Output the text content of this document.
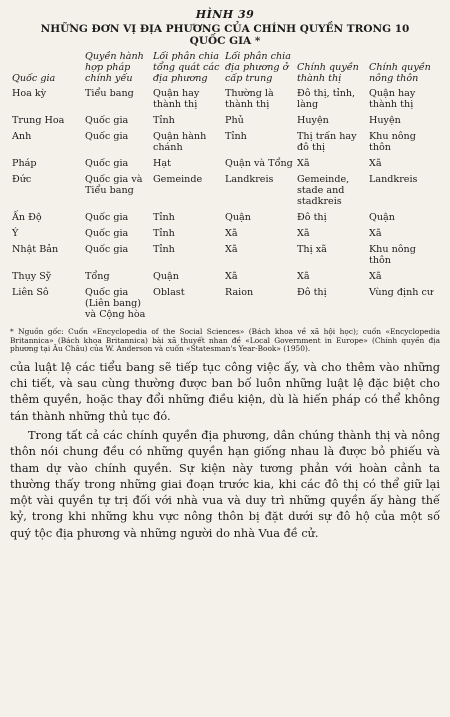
HÌNH 39
NHỮNG ĐƠN VỊ ĐỊA PHƯƠNG CỦA CHÍNH QUYỀN TRONG 10 QUỐC GIA *
Quốc gia	Quyền hành hợp pháp chính yếu	Lối phân chia tổng quát các địa phương	Lối phân chia địa phương ở cấp trung	Chính quyền thành thị	Chính quyền nông thôn
Hoa kỳ	Tiểu bang	Quận hay thành thị	Thường là thành thị	Đô thị, tỉnh, làng	Quận hay thành thị
Trung Hoa	Quốc gia	Tỉnh	Phủ	Huyện	Huyện
Anh	Quốc gia	Quận hành chánh	Tỉnh	Thị trấn hay đô thị	Khu nông thôn
Pháp	Quốc gia	Hạt	Quận và Tổng	Xã	Xã
Đức	Quốc gia và Tiểu bang	Gemeinde	Landkreis	Gemeinde, stade and stadkreis	Landkreis
Ấn Độ	Quốc gia	Tỉnh	Quận	Đô thị	Quận
Ý	Quốc gia	Tỉnh	Xã	Xã	Xã
Nhật Bản	Quốc gia	Tỉnh	Xã	Thị xã	Khu nông thôn
Thụy Sỹ	Tổng	Quận	Xã	Xã	Xã
Liên Sô	Quốc gia (Liên bang) và Cộng hòa	Oblast	Raion	Đô thị	Vùng định cư
* Nguồn gốc: Cuốn «Encyclopedia of the Social Sciences» (Bách khoa về xã hội học); cuốn «Encyclopedia Britannica» (Bách khoa Britannica) bài xã thuyết nhan đề «Local Government in Europe» (Chính quyền địa phương tại Âu Châu) của W. Anderson và cuốn «Statesman's Year-Book» (1950).

của luật lệ các tiểu bang sẽ tiếp tục công việc ấy, và cho thêm vào những chi tiết, và sau cùng thường được ban bố luôn những luật lệ đặc biệt cho thêm quyền, hoặc thay đổi những điều kiện, dù là hiến pháp có thể không tán thành những thủ tục đó.

Trong tất cả các chính quyền địa phương, dân chúng thành thị và nông thôn nói chung đều có những quyền hạn giống nhau là được bỏ phiếu và tham dự vào chính quyền. Sự kiện này tương phản với hoàn cảnh ta thường thấy trong những giai đoạn trước kia, khi các đô thị có thể giữ lại một vài quyền tự trị đối với nhà vua và duy trì những quyền ấy hàng thế kỷ, trong khi những khu vực nông thôn bị đặt dưới sự đô hộ của một số quý tộc địa phương và những người do nhà Vua đề cử.
